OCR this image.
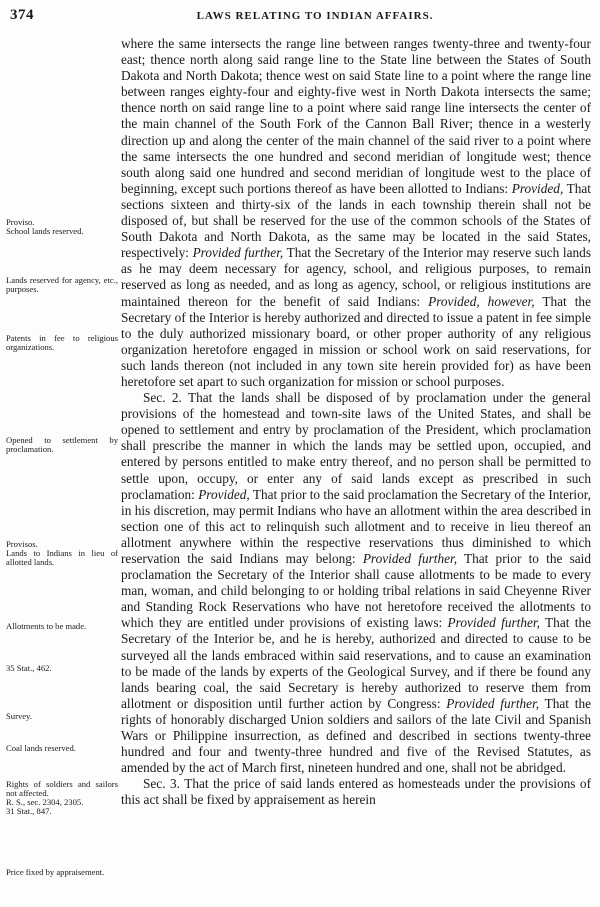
374	LAWS RELATING TO INDIAN AFFAIRS.
Proviso.
School lands reserved.
Lands reserved for agency, etc., purposes.
Patents in fee to religious organizations.
Opened to settlement by proclamation.
Provisos.
Lands to Indians in lieu of allotted lands.
Allotments to be made.
35 Stat., 462.
Survey.
Coal lands reserved.
Rights of soldiers and sailors not affected.
R. S., sec. 2304, 2305.
31 Stat., 847.
Price fixed by appraisement.

where the same intersects the range line between ranges twenty-three and twenty-four east; thence north along said range line to the State line between the States of South Dakota and North Dakota; thence west on said State line to a point where the range line between ranges eighty-four and eighty-five west in North Dakota intersects the same; thence north on said range line to a point where said range line intersects the center of the main channel of the South Fork of the Cannon Ball River; thence in a westerly direction up and along the center of the main channel of the said river to a point where the same intersects the one hundred and second meridian of longitude west; thence south along said one hundred and second meridian of longitude west to the place of beginning, except such portions thereof as have been allotted to Indians: Provided, That sections sixteen and thirty-six of the lands in each township therein shall not be disposed of, but shall be reserved for the use of the common schools of the States of South Dakota and North Dakota, as the same may be located in the said States, respectively: Provided further, That the Secretary of the Interior may reserve such lands as he may deem necessary for agency, school, and religious purposes, to remain reserved as long as needed, and as long as agency, school, or religious institutions are maintained thereon for the benefit of said Indians: Provided, however, That the Secretary of the Interior is hereby authorized and directed to issue a patent in fee simple to the duly authorized missionary board, or other proper authority of any religious organization heretofore engaged in mission or school work on said reservations, for such lands thereon (not included in any town site herein provided for) as have been heretofore set apart to such organization for mission or school purposes.

Sec. 2. That the lands shall be disposed of by proclamation under the general provisions of the homestead and town-site laws of the United States, and shall be opened to settlement and entry by proclamation of the President, which proclamation shall prescribe the manner in which the lands may be settled upon, occupied, and entered by persons entitled to make entry thereof, and no person shall be permitted to settle upon, occupy, or enter any of said lands except as prescribed in such proclamation: Provided, That prior to the said proclamation the Secretary of the Interior, in his discretion, may permit Indians who have an allotment within the area described in section one of this act to relinquish such allotment and to receive in lieu thereof an allotment anywhere within the respective reservations thus diminished to which reservation the said Indians may belong: Provided further, That prior to the said proclamation the Secretary of the Interior shall cause allotments to be made to every man, woman, and child belonging to or holding tribal relations in said Cheyenne River and Standing Rock Reservations who have not heretofore received the allotments to which they are entitled under provisions of existing laws: Provided further, That the Secretary of the Interior be, and he is hereby, authorized and directed to cause to be surveyed all the lands embraced within said reservations, and to cause an examination to be made of the lands by experts of the Geological Survey, and if there be found any lands bearing coal, the said Secretary is hereby authorized to reserve them from allotment or disposition until further action by Congress: Provided further, That the rights of honorably discharged Union soldiers and sailors of the late Civil and Spanish Wars or Philippine insurrection, as defined and described in sections twenty-three hundred and four and twenty-three hundred and five of the Revised Statutes, as amended by the act of March first, nineteen hundred and one, shall not be abridged.

Sec. 3. That the price of said lands entered as homesteads under the provisions of this act shall be fixed by appraisement as herein
